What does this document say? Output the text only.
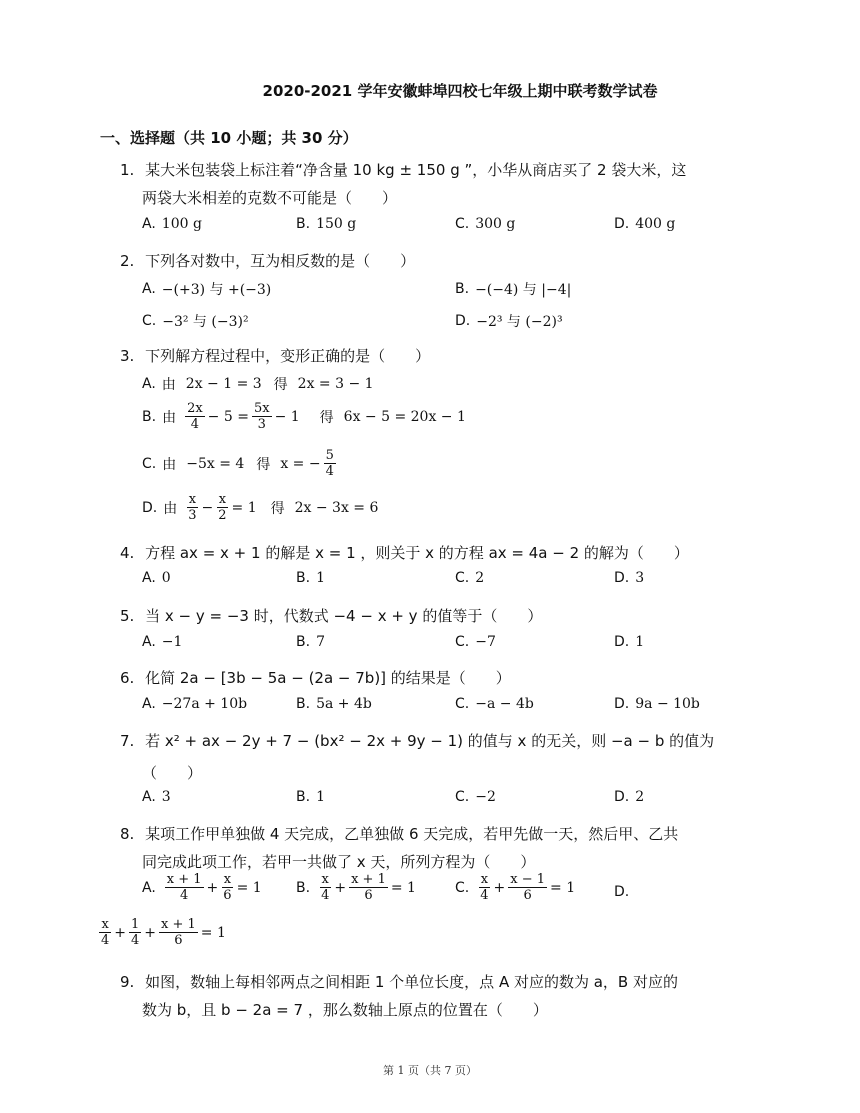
2020-2021 学年安徽蚌埠四校七年级上期中联考数学试卷
一、选择题（共 10 小题；共 30 分）
1. 某大米包装袋上标注着“净含量 10 kg ± 150 g ”，小华从商店买了 2 袋大米，这
两袋大米相差的克数不可能是（　　）
A. 100 g	B. 150 g	C. 300 g	D. 400 g
2. 下列各对数中，互为相反数的是（　　）
A. −(+3) 与 +(−3)	B. −(−4) 与 |−4|
C. −3² 与 (−3)²	D. −2³ 与 (−2)³
3. 下列解方程过程中，变形正确的是（　　）
A. 由 2x − 1 = 3 得 2x = 3 − 1
B. 由 $\frac{2x}{4} - 5 = \frac{5x}{3} - 1$ 得 6x − 5 = 20x − 1
C. 由 −5x = 4 得 x = − $\frac{5}{4}$
D. 由 $\frac{x}{3} - \frac{x}{2} = 1$ 得 2x − 3x = 6
4. 方程 ax = x + 1 的解是 x = 1 ，则关于 x 的方程 ax = 4a − 2 的解为（　　）
A. 0	B. 1	C. 2	D. 3
5. 当 x − y = −3 时，代数式 −4 − x + y 的值等于（　　）
A. −1	B. 7	C. −7	D. 1
6. 化简 2a − [3b − 5a − (2a − 7b)] 的结果是（　　）
A. −27a + 10b	B. 5a + 4b	C. −a − 4b	D. 9a − 10b
7. 若 x² + ax − 2y + 7 − (bx² − 2x + 9y − 1) 的值与 x 的无关，则 −a − b 的值为
（　　）
A. 3	B. 1	C. −2	D. 2
8. 某项工作甲单独做 4 天完成，乙单独做 6 天完成，若甲先做一天，然后甲、乙共
同完成此项工作，若甲一共做了 x 天，所列方程为（　　）
A. $\frac{x + 1}{4} + \frac{x}{6} = 1$ B. $\frac{x}{4} + \frac{x + 1}{6} = 1$	C. $\frac{x}{4} + \frac{x - 1}{6} = 1$	D.
$\frac{x}{4} + \frac{1}{4} + \frac{x + 1}{6} = 1$
9. 如图，数轴上每相邻两点之间相距 1 个单位长度，点 A 对应的数为 a，B 对应的
数为 b，且 b − 2a = 7 ，那么数轴上原点的位置在（　　）
第 1 页（共 7 页）
